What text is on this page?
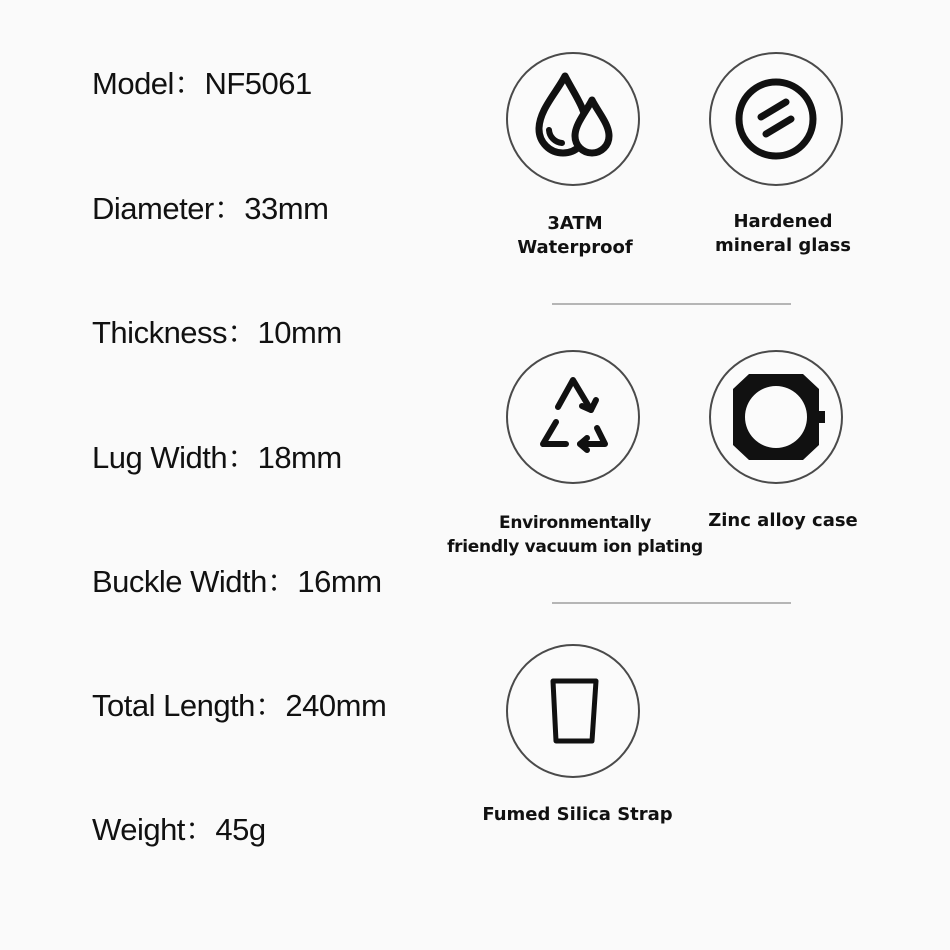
Model：NF5061
Diameter：33mm
Thickness：10mm
Lug Width：18mm
Buckle Width：16mm
Total Length：240mm
Weight：45g
3ATM
Waterproof
Hardened
mineral glass
Environmentally
friendly vacuum ion plating
Zinc alloy case
Fumed Silica Strap
